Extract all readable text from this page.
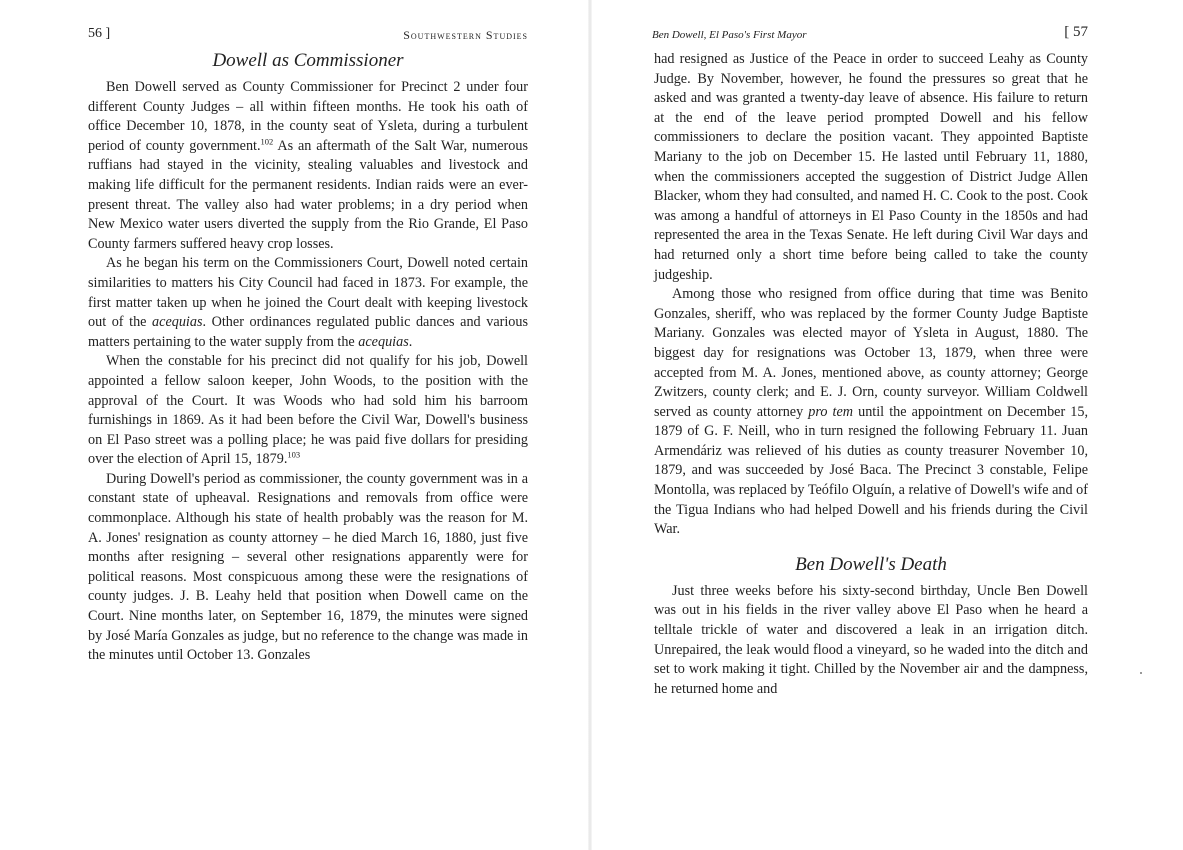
56 ]	Southwestern Studies
Dowell as Commissioner

Ben Dowell served as County Commissioner for Precinct 2 under four different County Judges – all within fifteen months. He took his oath of office December 10, 1878, in the county seat of Ysleta, during a turbulent period of county government.$^{102}$ As an aftermath of the Salt War, numerous ruffians had stayed in the vicinity, stealing valuables and livestock and making life difficult for the permanent residents. Indian raids were an ever-present threat. The valley also had water problems; in a dry period when New Mexico water users diverted the supply from the Rio Grande, El Paso County farmers suffered heavy crop losses.

As he began his term on the Commissioners Court, Dowell noted certain similarities to matters his City Council had faced in 1873. For example, the first matter taken up when he joined the Court dealt with keeping livestock out of the acequias. Other ordinances regulated public dances and various matters pertaining to the water supply from the acequias.

When the constable for his precinct did not qualify for his job, Dowell appointed a fellow saloon keeper, John Woods, to the position with the approval of the Court. It was Woods who had sold him his barroom furnishings in 1869. As it had been before the Civil War, Dowell's business on El Paso street was a polling place; he was paid five dollars for presiding over the election of April 15, 1879.$^{103}$

During Dowell's period as commissioner, the county government was in a constant state of upheaval. Resignations and removals from office were commonplace. Although his state of health probably was the reason for M. A. Jones' resignation as county attorney – he died March 16, 1880, just five months after resigning – several other resignations apparently were for political reasons. Most conspicuous among these were the resignations of county judges. J. B. Leahy held that position when Dowell came on the Court. Nine months later, on September 16, 1879, the minutes were signed by José María Gonzales as judge, but no reference to the change was made in the minutes until October 13. Gonzales

Ben Dowell, El Paso's First Mayor	[ 57

had resigned as Justice of the Peace in order to succeed Leahy as County Judge. By November, however, he found the pressures so great that he asked and was granted a twenty-day leave of absence. His failure to return at the end of the leave period prompted Dowell and his fellow commissioners to declare the position vacant. They appointed Baptiste Mariany to the job on December 15. He lasted until February 11, 1880, when the commissioners accepted the suggestion of District Judge Allen Blacker, whom they had consulted, and named H. C. Cook to the post. Cook was among a handful of attorneys in El Paso County in the 1850s and had represented the area in the Texas Senate. He left during Civil War days and had returned only a short time before being called to take the county judgeship.

Among those who resigned from office during that time was Benito Gonzales, sheriff, who was replaced by the former County Judge Baptiste Mariany. Gonzales was elected mayor of Ysleta in August, 1880. The biggest day for resignations was October 13, 1879, when three were accepted from M. A. Jones, mentioned above, as county attorney; George Zwitzers, county clerk; and E. J. Orn, county surveyor. William Coldwell served as county attorney pro tem until the appointment on December 15, 1879 of G. F. Neill, who in turn resigned the following February 11. Juan Armendáriz was relieved of his duties as county treasurer November 10, 1879, and was succeeded by José Baca. The Precinct 3 constable, Felipe Montolla, was replaced by Teófilo Olguín, a relative of Dowell's wife and of the Tigua Indians who had helped Dowell and his friends during the Civil War.

Ben Dowell's Death

Just three weeks before his sixty-second birthday, Uncle Ben Dowell was out in his fields in the river valley above El Paso when he heard a telltale trickle of water and discovered a leak in an irrigation ditch. Unrepaired, the leak would flood a vineyard, so he waded into the ditch and set to work making it tight. Chilled by the November air and the dampness, he returned home and
